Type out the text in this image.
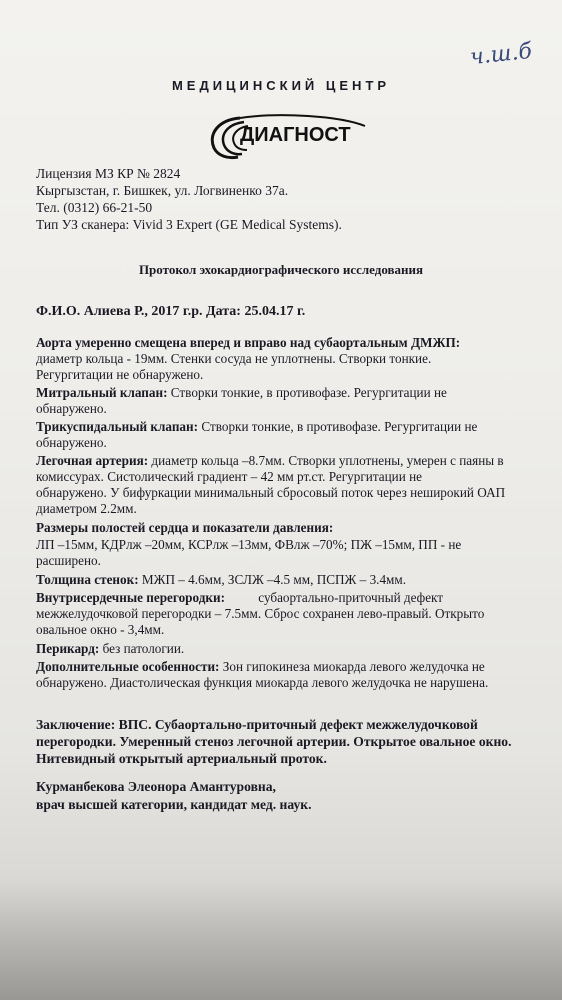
ч.ш.б
МЕДИЦИНСКИЙ ЦЕНТР
ДИАГНОСТ
Лицензия МЗ КР № 2824
Кыргызстан, г. Бишкек, ул. Логвиненко 37а.
Тел. (0312) 66-21-50
Тип УЗ сканера: Vivid 3 Expert (GE Medical Systems).
Протокол эхокардиографического исследования
Ф.И.О. Алиева Р., 2017 г.р. Дата: 25.04.17 г.
Аорта умеренно смещена вперед и вправо над субаортальным ДМЖП:
диаметр кольца - 19мм. Стенки сосуда не уплотнены. Створки тонкие.
Регургитации не обнаружено.
Митральный клапан: Створки тонкие, в противофазе. Регургитации не
обнаружено.
Трикуспидальный клапан: Створки тонкие, в противофазе. Регургитации не
обнаружено.
Легочная артерия: диаметр кольца –8.7мм. Створки уплотнены, умерен с паяны в
комиссурах. Систолический градиент – 42 мм рт.ст. Регургитации не
обнаружено. У бифуркации минимальный сбросовый поток через неширокий ОАП
диаметром 2.2мм.
Размеры полостей сердца и показатели давления:
ЛП –15мм, КДРлж –20мм, КСРлж –13мм, ФВлж –70%; ПЖ –15мм, ПП - не
расширено.
Толщина стенок: МЖП – 4.6мм, ЗСЛЖ –4.5 мм, ПСПЖ – 3.4мм.
Внутрисердечные перегородки:	субаортально-приточный дефект
межжелудочковой перегородки – 7.5мм. Сброс сохранен лево-правый. Открыто
овальное окно - 3,4мм.
Перикард: без патологии.
Дополнительные особенности: Зон гипокинеза миокарда левого желудочка не
обнаружено. Диастолическая функция миокарда левого желудочка не нарушена.
Заключение: ВПС. Субаортально-приточный дефект межжелудочковой
перегородки. Умеренный стеноз легочной артерии. Открытое овальное окно.
Нитевидный открытый артериальный проток.
Курманбекова Элеонора Амантуровна,
врач высшей категории, кандидат мед. наук.
